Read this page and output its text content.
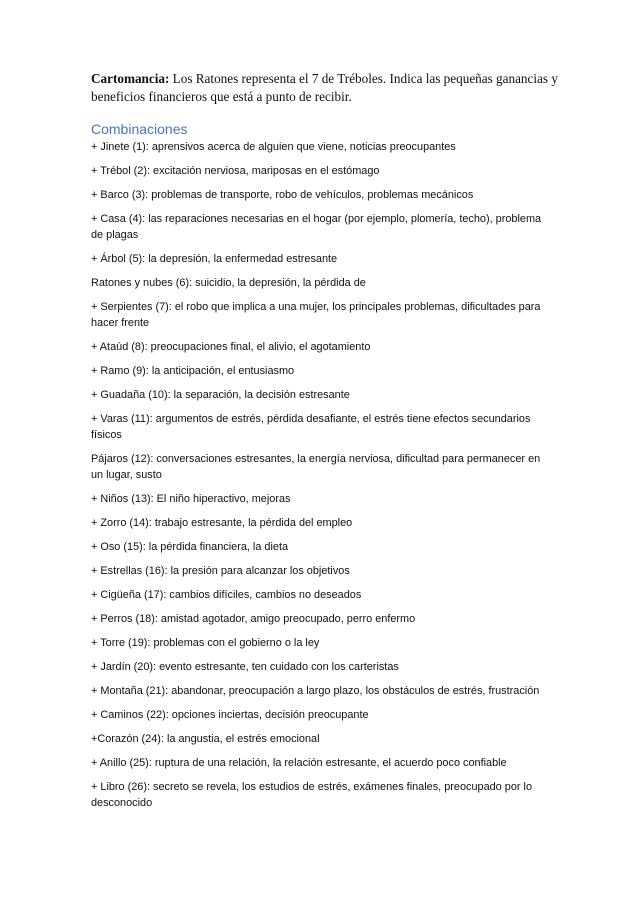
Cartomancia: Los Ratones representa el 7 de Tréboles. Indica las pequeñas ganancias y beneficios financieros que está a punto de recibir.

Combinaciones
+ Jinete (1): aprensivos acerca de alguien que viene, noticias preocupantes
+ Trébol (2): excitación nerviosa, mariposas en el estómago
+ Barco (3): problemas de transporte, robo de vehículos, problemas mecánicos
+ Casa (4): las reparaciones necesarias en el hogar (por ejemplo, plomería, techo), problema de plagas
+ Árbol (5): la depresión, la enfermedad estresante
Ratones y nubes (6): suicidio, la depresión, la pérdida de
+ Serpientes (7): el robo que implica a una mujer, los principales problemas, dificultades para hacer frente
+ Ataúd (8): preocupaciones final, el alivio, el agotamiento
+ Ramo (9): la anticipación, el entusiasmo
+ Guadaña (10): la separación, la decisión estresante
+ Varas (11): argumentos de estrés, pérdida desafiante, el estrés tiene efectos secundarios físicos
Pájaros (12): conversaciones estresantes, la energía nerviosa, dificultad para permanecer en un lugar, susto
+ Niños (13): El niño hiperactivo, mejoras
+ Zorro (14): trabajo estresante, la pérdida del empleo
+ Oso (15): la pérdida financiera, la dieta
+ Estrellas (16): la presión para alcanzar los objetivos
+ Cigüeña (17): cambios difíciles, cambios no deseados
+ Perros (18): amistad agotador, amigo preocupado, perro enfermo
+ Torre (19): problemas con el gobierno o la ley
+ Jardín (20): evento estresante, ten cuidado con los carteristas
+ Montaña (21): abandonar, preocupación a largo plazo, los obstáculos de estrés, frustración
+ Caminos (22): opciones inciertas, decisión preocupante
+Corazón (24): la angustia, el estrés emocional
+ Anillo (25): ruptura de una relación, la relación estresante, el acuerdo poco confiable
+ Libro (26): secreto se revela, los estudios de estrés, exámenes finales, preocupado por lo desconocido
